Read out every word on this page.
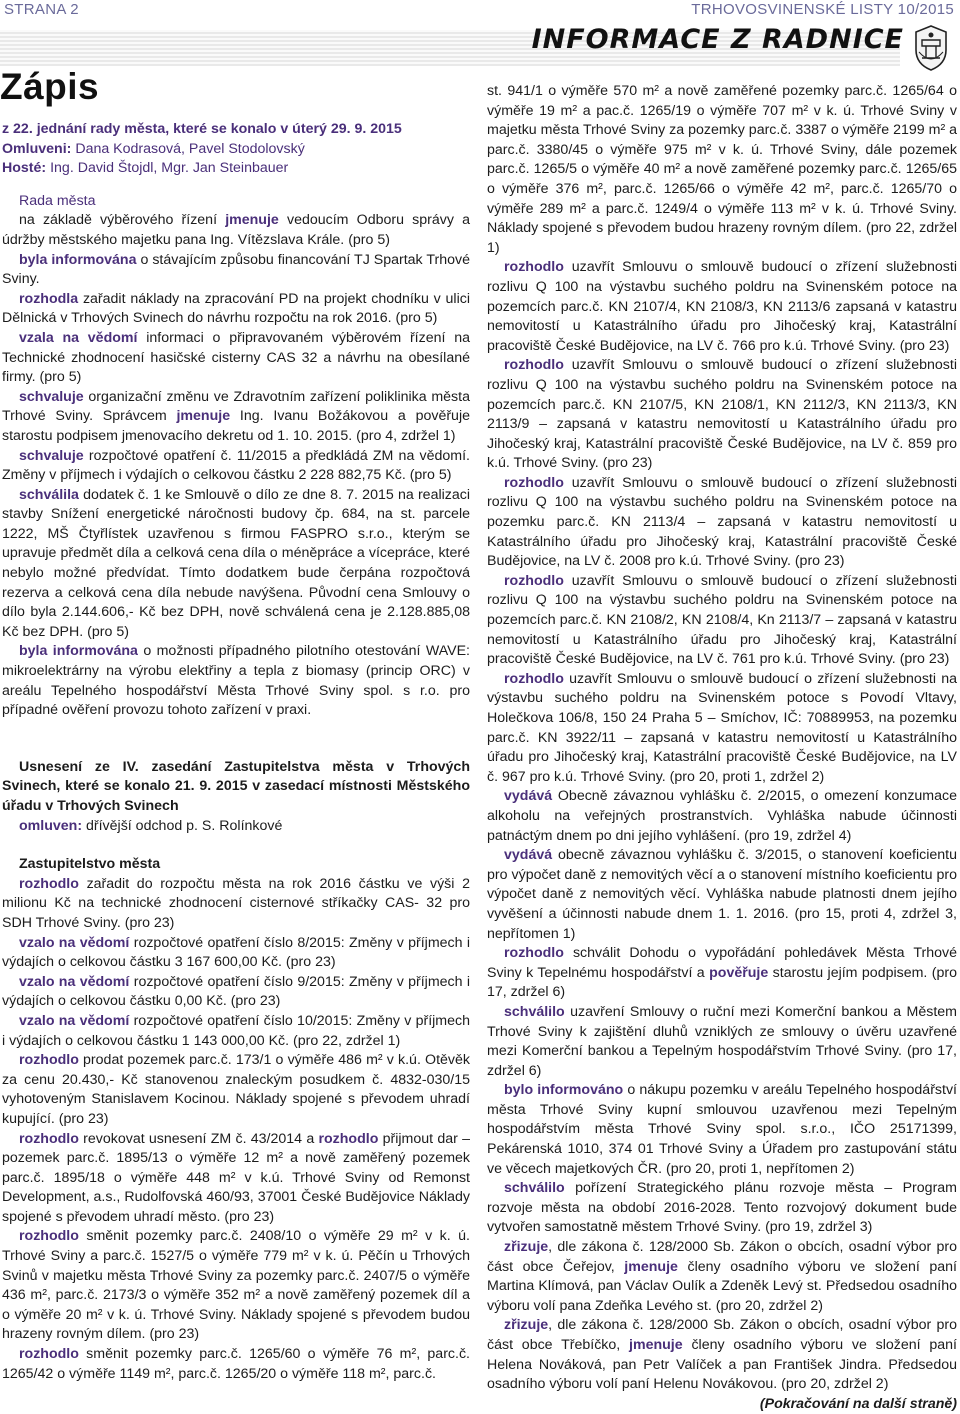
STRANA 2	TRHOVOSVINENSKÉ LISTY 10/2015
INFORMACE Z RADNICE
Zápis

z 22. jednání rady města, které se konalo v úterý 29. 9. 2015

Omluveni: Dana Kodrasová, Pavel Stodolovský

Hosté: Ing. David Štojdl, Mgr. Jan Steinbauer

Rada města

na základě výběrového řízení jmenuje vedoucím Odboru správy a údržby městského majetku pana Ing. Vítězslava Krále. (pro 5)

byla informována o stávajícím způsobu financování TJ Spartak Trhové Sviny.

rozhodla zařadit náklady na zpracování PD na projekt chodníku v ulici Dělnická v Trhových Svinech do návrhu rozpočtu na rok 2016. (pro 5)

vzala na vědomí informaci o připravovaném výběrovém řízení na Technické zhodnocení hasičské cisterny CAS 32 a návrhu na obesílané firmy. (pro 5)

schvaluje organizační změnu ve Zdravotním zařízení poliklinika města Trhové Sviny. Správcem jmenuje Ing. Ivanu Božákovou a pověřuje starostu podpisem jmenovacího dekretu od 1. 10. 2015. (pro 4, zdržel 1)

schvaluje rozpočtové opatření č. 11/2015 a předkládá ZM na vědomí. Změny v příjmech i výdajích o celkovou částku 2 228 882,75 Kč. (pro 5)

schválila dodatek č. 1 ke Smlouvě o dílo ze dne 8. 7. 2015 na realizaci stavby Snížení energetické náročnosti budovy čp. 684, na st. parcele 1222, MŠ Čtyřlístek uzavřenou s firmou FASPRO s.r.o., kterým se upravuje předmět díla a celková cena díla o méněpráce a vícepráce, které nebylo možné předvídat. Tímto dodatkem bude čerpána rozpočtová rezerva a celková cena díla nebude navýšena. Původní cena Smlouvy o dílo byla 2.144.606,- Kč bez DPH, nově schválená cena je 2.128.885,08 Kč bez DPH. (pro 5)

byla informována o možnosti případného pilotního otestování WAVE: mikroelektrárny na výrobu elektřiny a tepla z biomasy (princip ORC) v areálu Tepelného hospodářství Města Trhové Sviny spol. s r.o. pro případné ověření provozu tohoto zařízení v praxi.

Usnesení ze IV. zasedání Zastupitelstva města v Trhových Svinech, které se konalo 21. 9. 2015 v zasedací místnosti Městského úřadu v Trhových Svinech

omluven: dřívější odchod p. S. Rolínkové

Zastupitelstvo města

rozhodlo zařadit do rozpočtu města na rok 2016 částku ve výši 2 milionu Kč na technické zhodnocení cisternové stříkačky CAS- 32 pro SDH Trhové Sviny. (pro 23)

vzalo na vědomí rozpočtové opatření číslo 8/2015: Změny v příjmech i výdajích o celkovou částku 3 167 600,00 Kč. (pro 23)

vzalo na vědomí rozpočtové opatření číslo 9/2015: Změny v příjmech i výdajích o celkovou částku 0,00 Kč. (pro 23)

vzalo na vědomí rozpočtové opatření číslo 10/2015: Změny v příjmech i výdajích o celkovou částku 1 143 000,00 Kč. (pro 22, zdržel 1)

rozhodlo prodat pozemek parc.č. 173/1 o výměře 486 m² v k.ú. Otěvěk za cenu 20.430,- Kč stanovenou znaleckým posudkem č. 4832-030/15 vyhotoveným Stanislavem Kocinou. Náklady spojené s převodem uhradí kupující. (pro 23)

rozhodlo revokovat usnesení ZM č. 43/2014 a rozhodlo přijmout dar – pozemek parc.č. 1895/13 o výměře 12 m² a nově zaměřený pozemek parc.č. 1895/18 o výměře 448 m² v k.ú. Trhové Sviny od Remonst Development, a.s., Rudolfovská 460/93, 37001 České Budějovice Náklady spojené s převodem uhradí město. (pro 23)

rozhodlo směnit pozemky parc.č. 2408/10 o výměře 29 m² v k. ú. Trhové Sviny a parc.č. 1527/5 o výměře 779 m² v k. ú. Pěčín u Trhových Svinů v majetku města Trhové Sviny za pozemky parc.č. 2407/5 o výměře 436 m², parc.č. 2173/3 o výměře 352 m² a nově zaměřený pozemek díl a o výměře 20 m² v k. ú. Trhové Sviny. Náklady spojené s převodem budou hrazeny rovným dílem. (pro 23)

rozhodlo směnit pozemky parc.č. 1265/60 o výměře 76 m², parc.č. 1265/42 o výměře 1149 m², parc.č. 1265/20 o výměře 118 m², parc.č.

st. 941/1 o výměře 570 m² a nově zaměřené pozemky parc.č. 1265/64 o výměře 19 m² a pac.č. 1265/19 o výměře 707 m² v k. ú. Trhové Sviny v majetku města Trhové Sviny za pozemky parc.č. 3387 o výměře 2199 m² a parc.č. 3380/45 o výměře 975 m² v k. ú. Trhové Sviny, dále pozemek parc.č. 1265/5 o výměře 40 m² a nově zaměřené pozemky parc.č. 1265/65 o výměře 376 m², parc.č. 1265/66 o výměře 42 m², parc.č. 1265/70 o výměře 289 m² a parc.č. 1249/4 o výměře 113 m² v k. ú. Trhové Sviny. Náklady spojené s převodem budou hrazeny rovným dílem. (pro 22, zdržel 1)

rozhodlo uzavřít Smlouvu o smlouvě budoucí o zřízení služebnosti rozlivu Q 100 na výstavbu suchého poldru na Svinenském potoce na pozemcích parc.č. KN 2107/4, KN 2108/3, KN 2113/6 zapsaná v katastru nemovitostí u Katastrálního úřadu pro Jihočeský kraj, Katastrální pracoviště České Budějovice, na LV č. 766 pro k.ú. Trhové Sviny. (pro 23)

rozhodlo uzavřít Smlouvu o smlouvě budoucí o zřízení služebnosti rozlivu Q 100 na výstavbu suchého poldru na Svinenském potoce na pozemcích parc.č. KN 2107/5, KN 2108/1, KN 2112/3, KN 2113/3, KN 2113/9 – zapsaná v katastru nemovitostí u Katastrálního úřadu pro Jihočeský kraj, Katastrální pracoviště České Budějovice, na LV č. 859 pro k.ú. Trhové Sviny. (pro 23)

rozhodlo uzavřít Smlouvu o smlouvě budoucí o zřízení služebnosti rozlivu Q 100 na výstavbu suchého poldru na Svinenském potoce na pozemku parc.č. KN 2113/4 – zapsaná v katastru nemovitostí u Katastrálního úřadu pro Jihočeský kraj, Katastrální pracoviště České Budějovice, na LV č. 2008 pro k.ú. Trhové Sviny. (pro 23)

rozhodlo uzavřít Smlouvu o smlouvě budoucí o zřízení služebnosti rozlivu Q 100 na výstavbu suchého poldru na Svinenském potoce na pozemcích parc.č. KN 2108/2, KN 2108/4, Kn 2113/7 – zapsaná v katastru nemovitostí u Katastrálního úřadu pro Jihočeský kraj, Katastrální pracoviště České Budějovice, na LV č. 761 pro k.ú. Trhové Sviny. (pro 23)

rozhodlo uzavřít Smlouvu o smlouvě budoucí o zřízení služebnosti na výstavbu suchého poldru na Svinenském potoce s Povodí Vltavy, Holečkova 106/8, 150 24 Praha 5 – Smíchov, IČ: 70889953, na pozemku parc.č. KN 3922/11 – zapsaná v katastru nemovitostí u Katastrálního úřadu pro Jihočeský kraj, Katastrální pracoviště České Budějovice, na LV č. 967 pro k.ú. Trhové Sviny. (pro 20, proti 1, zdržel 2)

vydává Obecně závaznou vyhlášku č. 2/2015, o omezení konzumace alkoholu na veřejných prostranstvích. Vyhláška nabude účinnosti patnáctým dnem po dni jejího vyhlášení. (pro 19, zdržel 4)

vydává obecně závaznou vyhlášku č. 3/2015, o stanovení koeficientu pro výpočet daně z nemovitých věcí a o stanovení místního koeficientu pro výpočet daně z nemovitých věcí. Vyhláška nabude platnosti dnem jejího vyvěšení a účinnosti nabude dnem 1. 1. 2016. (pro 15, proti 4, zdržel 3, nepřítomen 1)

rozhodlo schválit Dohodu o vypořádání pohledávek Města Trhové Sviny k Tepelnému hospodářství a pověřuje starostu jejím podpisem. (pro 17, zdržel 6)

schválilo uzavření Smlouvy o ruční mezi Komerční bankou a Městem Trhové Sviny k zajištění dluhů vzniklých ze smlouvy o úvěru uzavřené mezi Komerční bankou a Tepelným hospodářstvím Trhové Sviny. (pro 17, zdržel 6)

bylo informováno o nákupu pozemku v areálu Tepelného hospodářství města Trhové Sviny kupní smlouvou uzavřenou mezi Tepelným hospodářstvím města Trhové Sviny spol. s.r.o., IČO 25171399, Pekárenská 1010, 374 01 Trhové Sviny a Úřadem pro zastupování státu ve věcech majetkových ČR. (pro 20, proti 1, nepřítomen 2)

schválilo pořízení Strategického plánu rozvoje města – Program rozvoje města na období 2016-2028. Tento rozvojový dokument bude vytvořen samostatně městem Trhové Sviny. (pro 19, zdržel 3)

zřizuje, dle zákona č. 128/2000 Sb. Zákon o obcích, osadní výbor pro část obce Čeřejov, jmenuje členy osadního výboru ve složení paní Martina Klímová, pan Václav Oulík a Zdeněk Levý st. Předsedou osadního výboru volí pana Zdeňka Levého st. (pro 20, zdržel 2)

zřizuje, dle zákona č. 128/2000 Sb. Zákon o obcích, osadní výbor pro část obce Třebíčko, jmenuje členy osadního výboru ve složení paní Helena Nováková, pan Petr Valíček a pan František Jindra. Předsedou osadního výboru volí paní Helenu Novákovou. (pro 20, zdržel 2)

(Pokračování na další straně)
